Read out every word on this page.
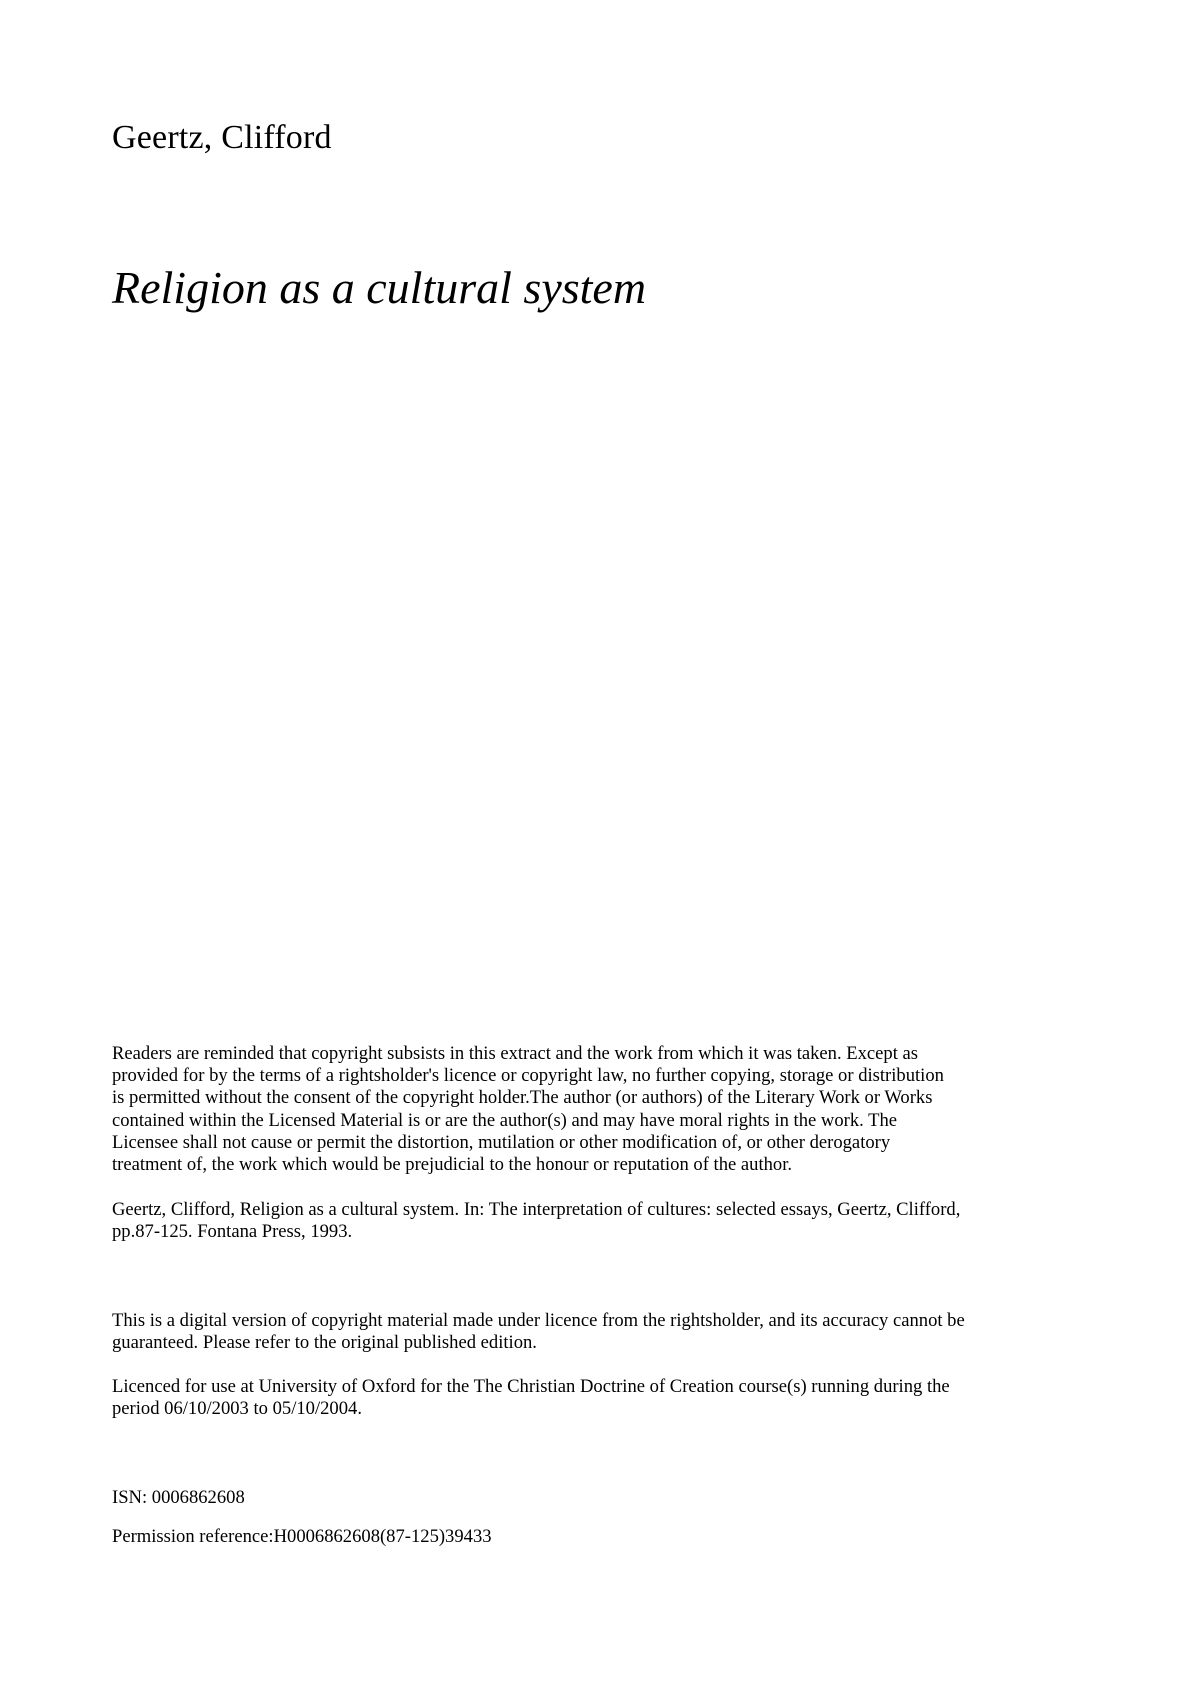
Geertz, Clifford
Religion as a cultural system
Readers are reminded that copyright subsists in this extract and the work from which it was taken. Except as
provided for by the terms of a rightsholder's licence or copyright law, no further copying, storage or distribution
is permitted without the consent of the copyright holder.The author (or authors) of the Literary Work or Works
contained within the Licensed Material is or are the author(s) and may have moral rights in the work. The
Licensee shall not cause or permit the distortion, mutilation or other modification of, or other derogatory
treatment of, the work which would be prejudicial to the honour or reputation of the author.
Geertz, Clifford, Religion as a cultural system. In: The interpretation of cultures: selected essays, Geertz, Clifford,
pp.87-125. Fontana Press, 1993.
This is a digital version of copyright material made under licence from the rightsholder, and its accuracy cannot be
guaranteed. Please refer to the original published edition.
Licenced for use at University of Oxford for the The Christian Doctrine of Creation course(s) running during the
period 06/10/2003 to 05/10/2004.
ISN: 0006862608
Permission reference:H0006862608(87-125)39433
